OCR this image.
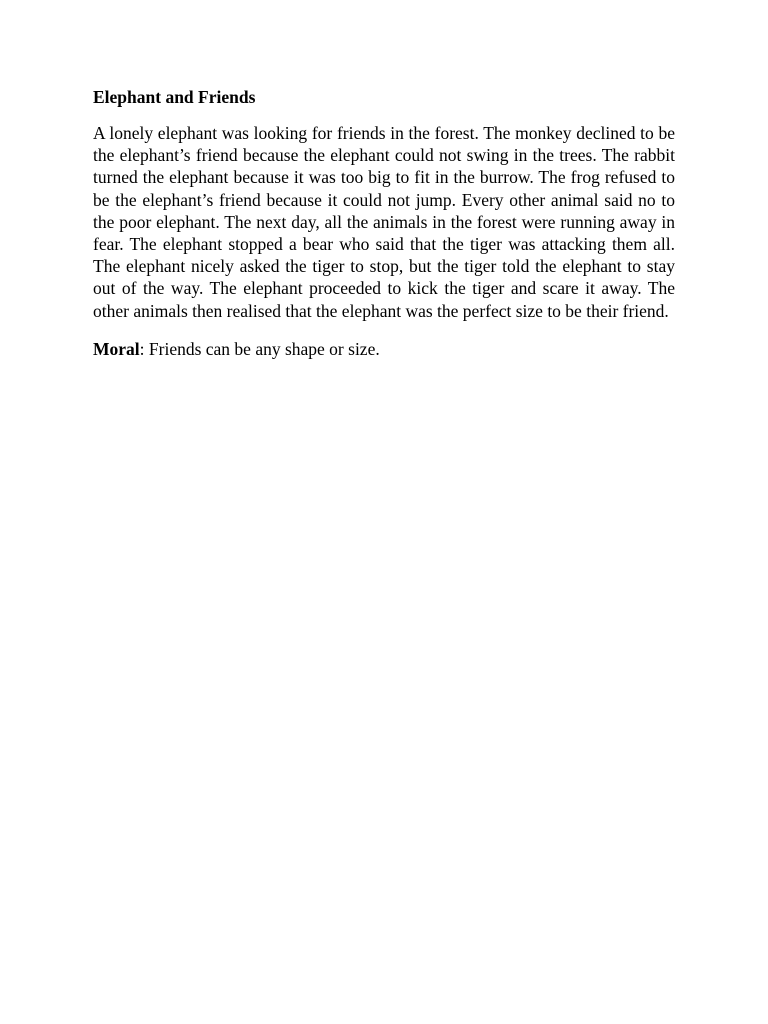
Elephant and Friends

A lonely elephant was looking for friends in the forest. The monkey declined to be the elephant’s friend because the elephant could not swing in the trees. The rabbit turned the elephant because it was too big to fit in the burrow. The frog refused to be the elephant’s friend because it could not jump. Every other animal said no to the poor elephant. The next day, all the animals in the forest were running away in fear. The elephant stopped a bear who said that the tiger was attacking them all. The elephant nicely asked the tiger to stop, but the tiger told the elephant to stay out of the way. The elephant proceeded to kick the tiger and scare it away. The other animals then realised that the elephant was the perfect size to be their friend.

Moral: Friends can be any shape or size.
